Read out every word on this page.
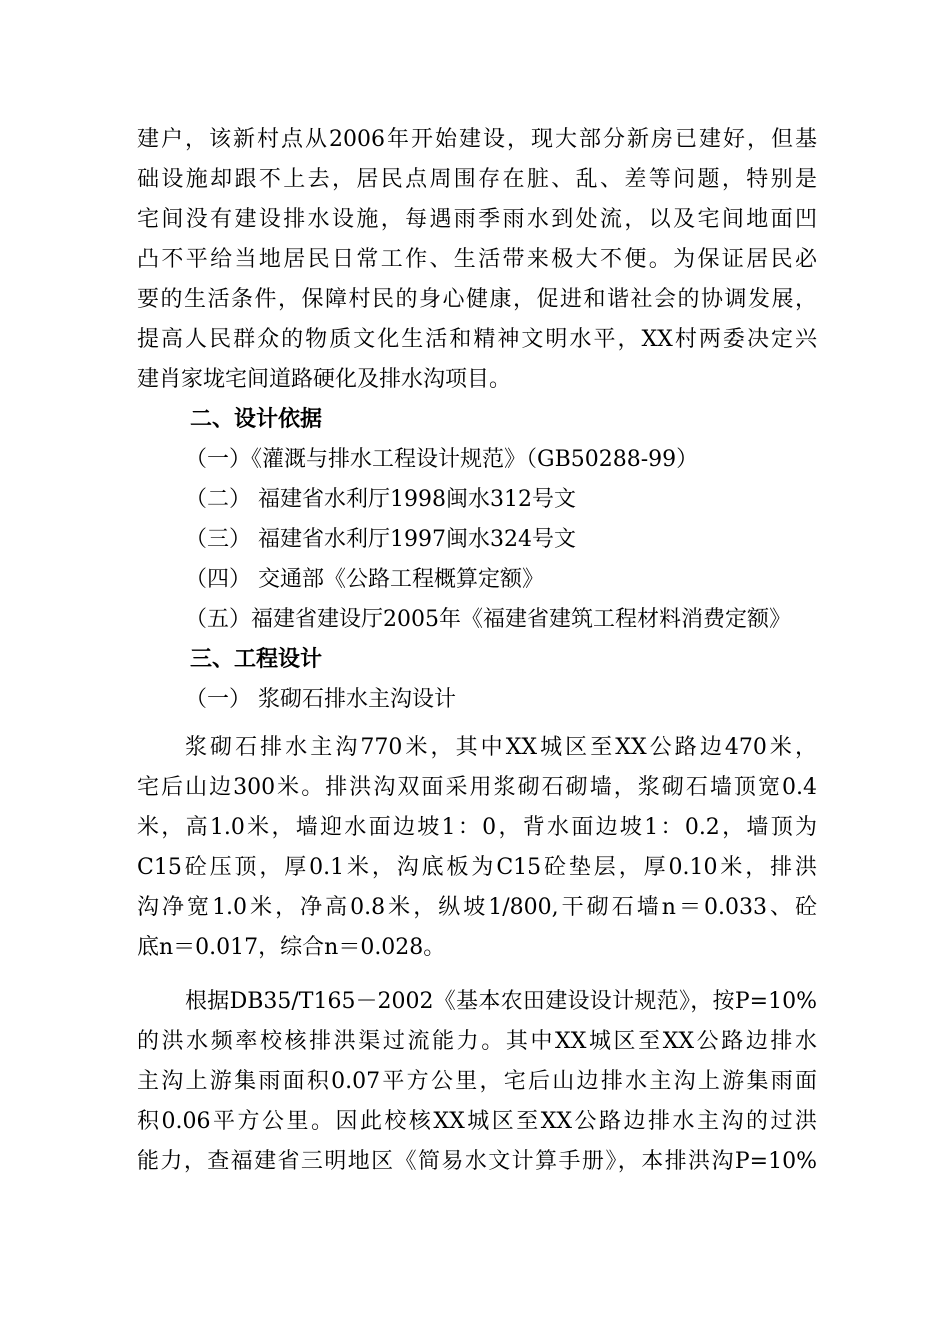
建户，该新村点从2006年开始建设，现大部分新房已建好，但基
础设施却跟不上去，居民点周围存在脏、乱、差等问题，特别是
宅间没有建设排水设施，每遇雨季雨水到处流，以及宅间地面凹
凸不平给当地居民日常工作、生活带来极大不便。为保证居民必
要的生活条件，保障村民的身心健康，促进和谐社会的协调发展，
提高人民群众的物质文化生活和精神文明水平，XX村两委决定兴
建肖家垅宅间道路硬化及排水沟项目。
二、设计依据
（一）《灌溉与排水工程设计规范》（GB50288-99）
（二） 福建省水利厅1998闽水312号文
（三） 福建省水利厅1997闽水324号文
（四） 交通部《公路工程概算定额》
（五）福建省建设厅2005年《福建省建筑工程材料消费定额》
三、工程设计
（一） 浆砌石排水主沟设计
浆砌石排水主沟770米，其中XX城区至XX公路边470米，
宅后山边300米。排洪沟双面采用浆砌石砌墙，浆砌石墙顶宽0.4
米，高1.0米，墙迎水面边坡1：0，背水面边坡1：0.2，墙顶为
C15砼压顶，厚0.1米，沟底板为C15砼垫层，厚0.10米，排洪
沟净宽1.0米，净高0.8米，纵坡1/800,干砌石墙n＝0.033、砼
底n＝0.017，综合n＝0.028。
根据DB35/T165－2002《基本农田建设设计规范》，按P=10%
的洪水频率校核排洪渠过流能力。其中XX城区至XX公路边排水
主沟上游集雨面积0.07平方公里，宅后山边排水主沟上游集雨面
积0.06平方公里。因此校核XX城区至XX公路边排水主沟的过洪
能力，查福建省三明地区《简易水文计算手册》，本排洪沟P=10%
